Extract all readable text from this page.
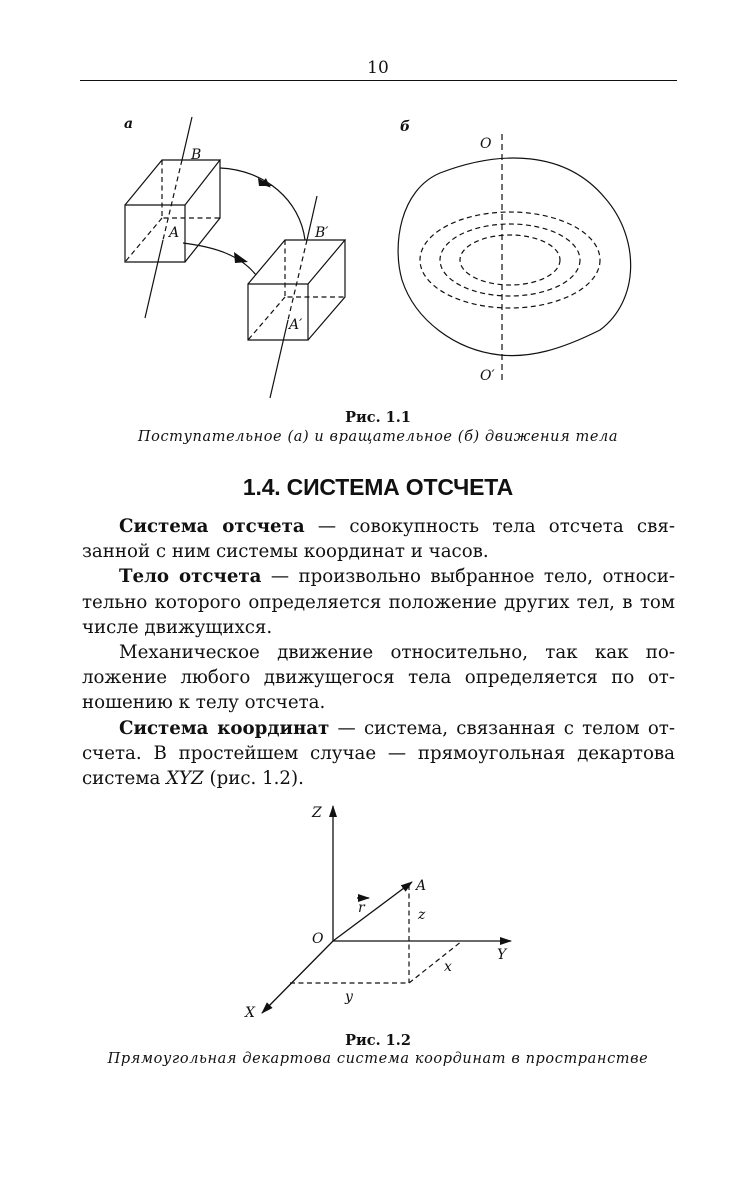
10
а
B
A	B′
A′
б
O
O′
Рис. 1.1
Поступательное (а) и вращательное (б) движения тела
1.4. СИСТЕМА ОТСЧЕТА

Система отсчета — совокупность тела отсчета связанной с ним системы координат и часов.

Тело отсчета — произвольно выбранное тело, относительно которого определяется положение других тел, в том числе движущихся.

Механическое движение относительно, так как положение любого движущегося тела определяется по отношению к телу отсчета.

Система координат — система, связанная с телом отсчета. В простейшем случае — прямоугольная декартова система XYZ (рис. 1.2).

Z
Y
X
O
A
r	z
x
y
Рис. 1.2
Прямоугольная декартова система координат в пространстве
